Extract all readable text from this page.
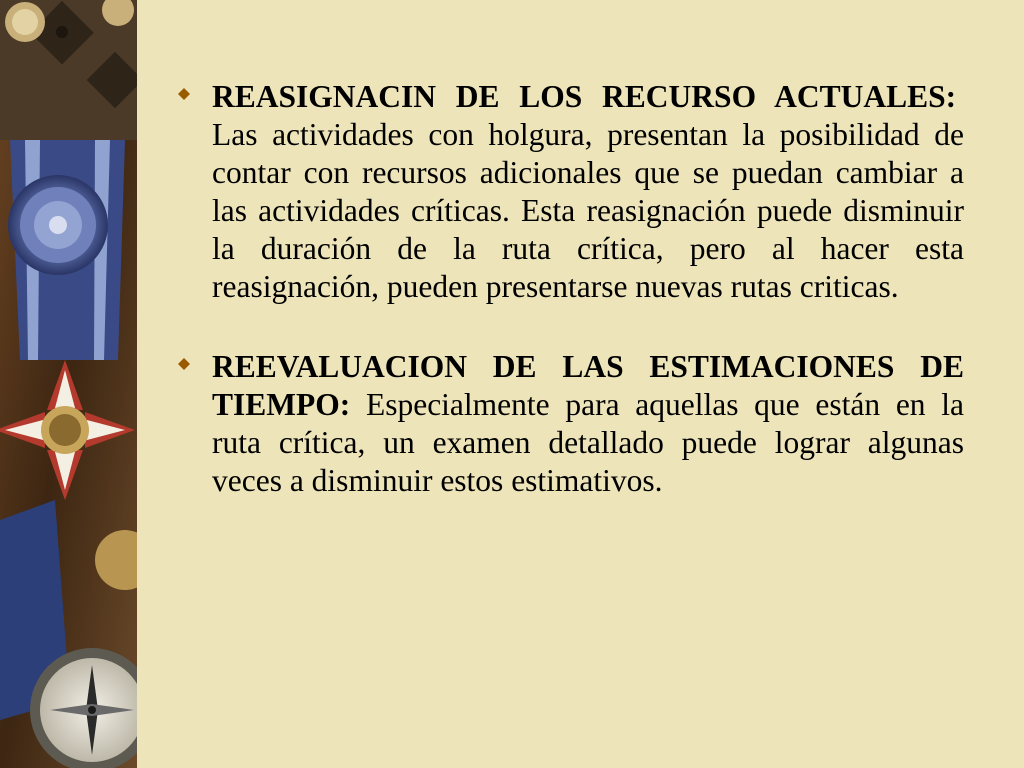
REASIGNACIN DE LOS RECURSO ACTUALES:  Las actividades con holgura, presentan la posibilidad de contar con recursos adicionales que se puedan cambiar a las actividades críticas. Esta reasignación puede disminuir la duración de la ruta crítica, pero al hacer esta reasignación, pueden presentarse nuevas rutas criticas.

REEVALUACION DE LAS ESTIMACIONES DE TIEMPO: Especialmente para aquellas que están en la ruta crítica, un examen detallado puede lograr algunas veces a disminuir estos estimativos.
